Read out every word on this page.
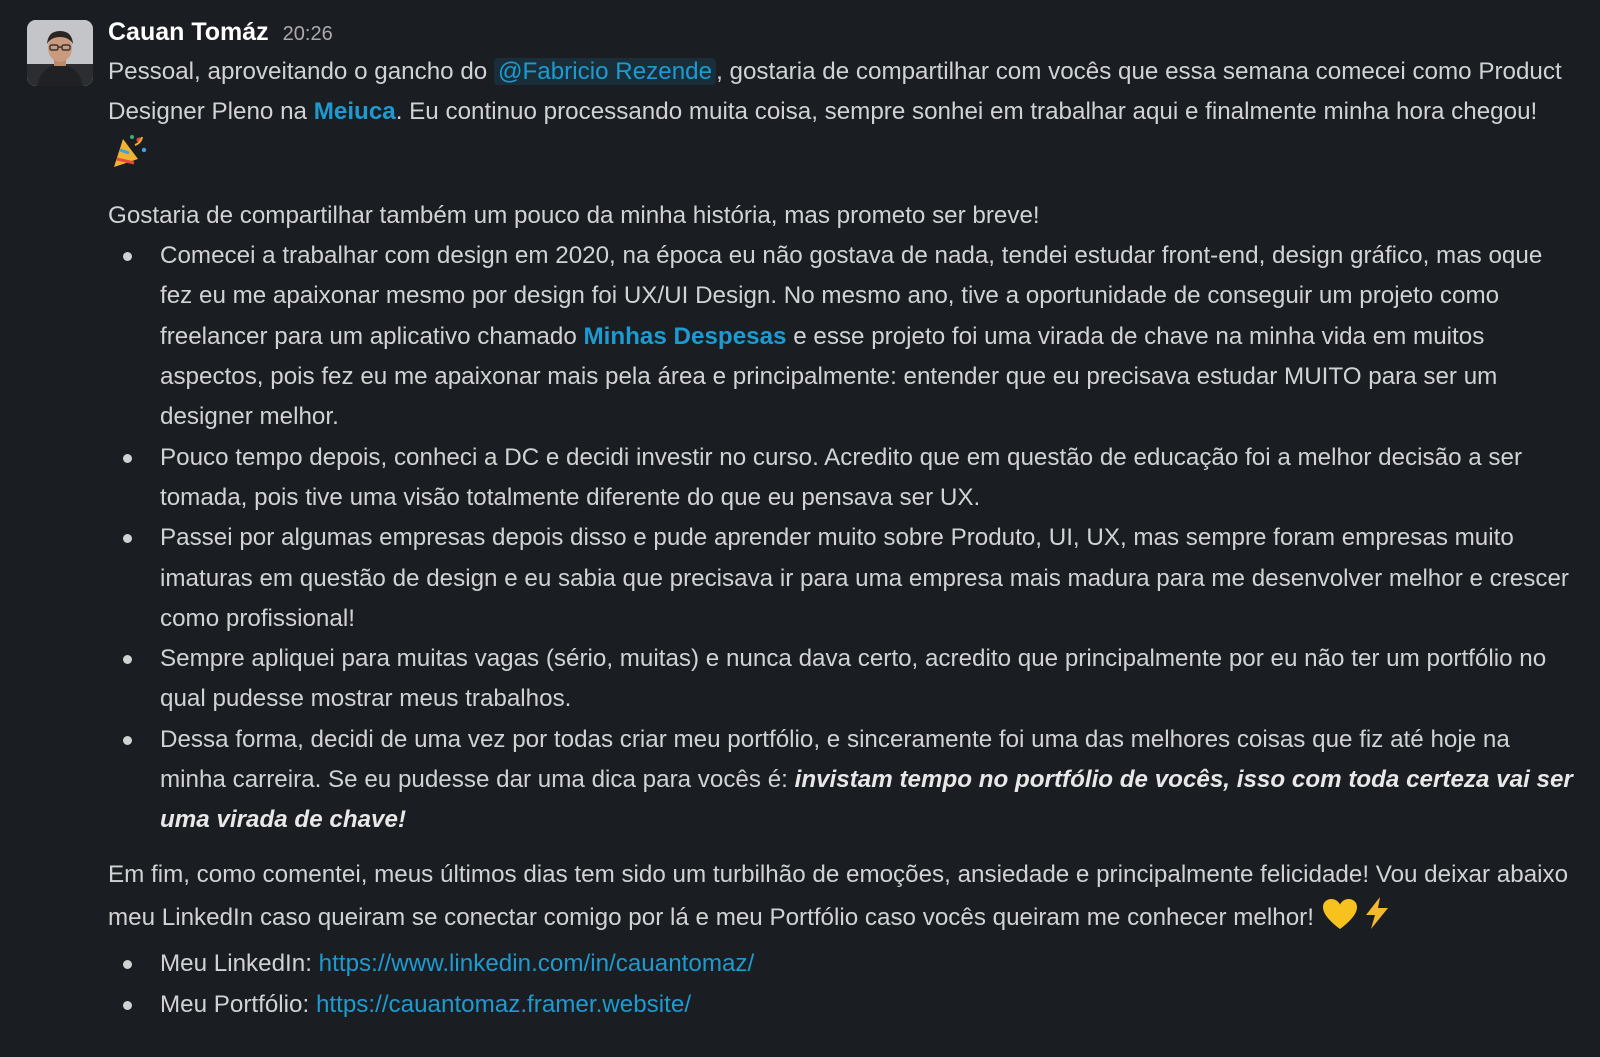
Cauan Tomáz 20:26

Pessoal, aproveitando o gancho do @Fabricio Rezende , gostaria de compartilhar com vocês que essa semana comecei como Product Designer Pleno na Meiuca. Eu continuo processando muita coisa, sempre sonhei em trabalhar aqui e finalmente minha hora chegou!

Gostaria de compartilhar também um pouco da minha história, mas prometo ser breve!

Comecei a trabalhar com design em 2020, na época eu não gostava de nada, tendei estudar front-end, design gráfico, mas oque fez eu me apaixonar mesmo por design foi UX/UI Design. No mesmo ano, tive a oportunidade de conseguir um projeto como freelancer para um aplicativo chamado Minhas Despesas e esse projeto foi uma virada de chave na minha vida em muitos aspectos, pois fez eu me apaixonar mais pela área e principalmente: entender que eu precisava estudar MUITO para ser um designer melhor.
Pouco tempo depois, conheci a DC e decidi investir no curso. Acredito que em questão de educação foi a melhor decisão a ser tomada, pois tive uma visão totalmente diferente do que eu pensava ser UX.
Passei por algumas empresas depois disso e pude aprender muito sobre Produto, UI, UX, mas sempre foram empresas muito imaturas em questão de design e eu sabia que precisava ir para uma empresa mais madura para me desenvolver melhor e crescer como profissional!
Sempre apliquei para muitas vagas (sério, muitas) e nunca dava certo, acredito que principalmente por eu não ter um portfólio no qual pudesse mostrar meus trabalhos.
Dessa forma, decidi de uma vez por todas criar meu portfólio, e sinceramente foi uma das melhores coisas que fiz até hoje na minha carreira. Se eu pudesse dar uma dica para vocês é: invistam tempo no portfólio de vocês, isso com toda certeza vai ser uma virada de chave!

Em fim, como comentei, meus últimos dias tem sido um turbilhão de emoções, ansiedade e principalmente felicidade! Vou deixar abaixo meu LinkedIn caso queiram se conectar comigo por lá e meu Portfólio caso vocês queiram me conhecer melhor!

Meu LinkedIn: https://www.linkedin.com/in/cauantomaz/
Meu Portfólio: https://cauantomaz.framer.website/
